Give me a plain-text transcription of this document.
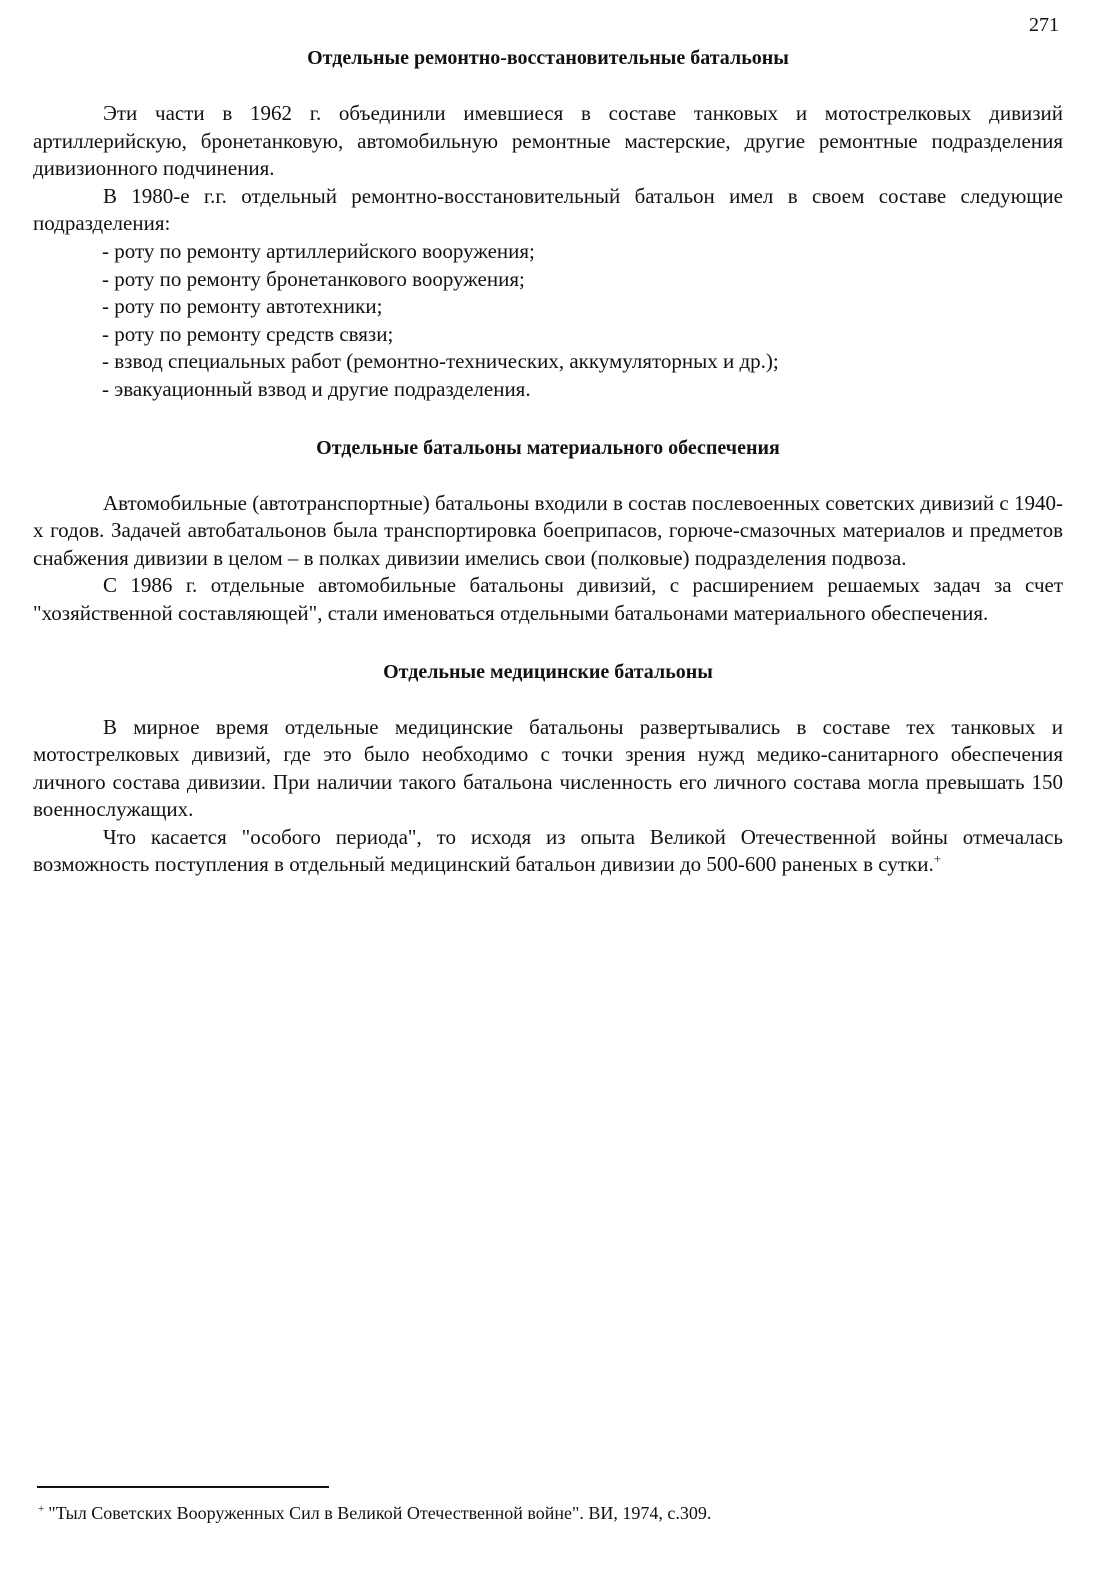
271
Отдельные ремонтно-восстановительные батальоны

Эти части в 1962 г. объединили имевшиеся в составе танковых и мотострелковых дивизий артиллерийскую, бронетанковую, автомобильную ремонтные мастерские, другие ремонтные подразделения дивизионного подчинения.

В 1980-е г.г. отдельный ремонтно-восстановительный батальон имел в своем составе следующие подразделения:

- роту по ремонту артиллерийского вооружения;
- роту по ремонту бронетанкового вооружения;
- роту по ремонту автотехники;
- роту по ремонту средств связи;
- взвод специальных работ (ремонтно-технических, аккумуляторных и др.);
- эвакуационный взвод и другие подразделения.
Отдельные батальоны материального обеспечения

Автомобильные (автотранспортные) батальоны входили в состав послевоенных советских дивизий с 1940-х годов. Задачей автобатальонов была транспортировка боеприпасов, горюче-смазочных материалов и предметов снабжения дивизии в целом – в полках дивизии имелись свои (полковые) подразделения подвоза.

С 1986 г. отдельные автомобильные батальоны дивизий, с расширением решаемых задач за счет "хозяйственной составляющей", стали именоваться отдельными батальонами материального обеспечения.

Отдельные медицинские батальоны

В мирное время отдельные медицинские батальоны развертывались в составе тех танковых и мотострелковых дивизий, где это было необходимо с точки зрения нужд медико-санитарного обеспечения личного состава дивизии. При наличии такого батальона численность его личного состава могла превышать 150 военнослужащих.

Что касается "особого периода", то исходя из опыта Великой Отечественной войны отмечалась возможность поступления в отдельный медицинский батальон дивизии до 500-600 раненых в сутки.+

+ "Тыл Советских Вооруженных Сил в Великой Отечественной войне". ВИ, 1974, с.309.
